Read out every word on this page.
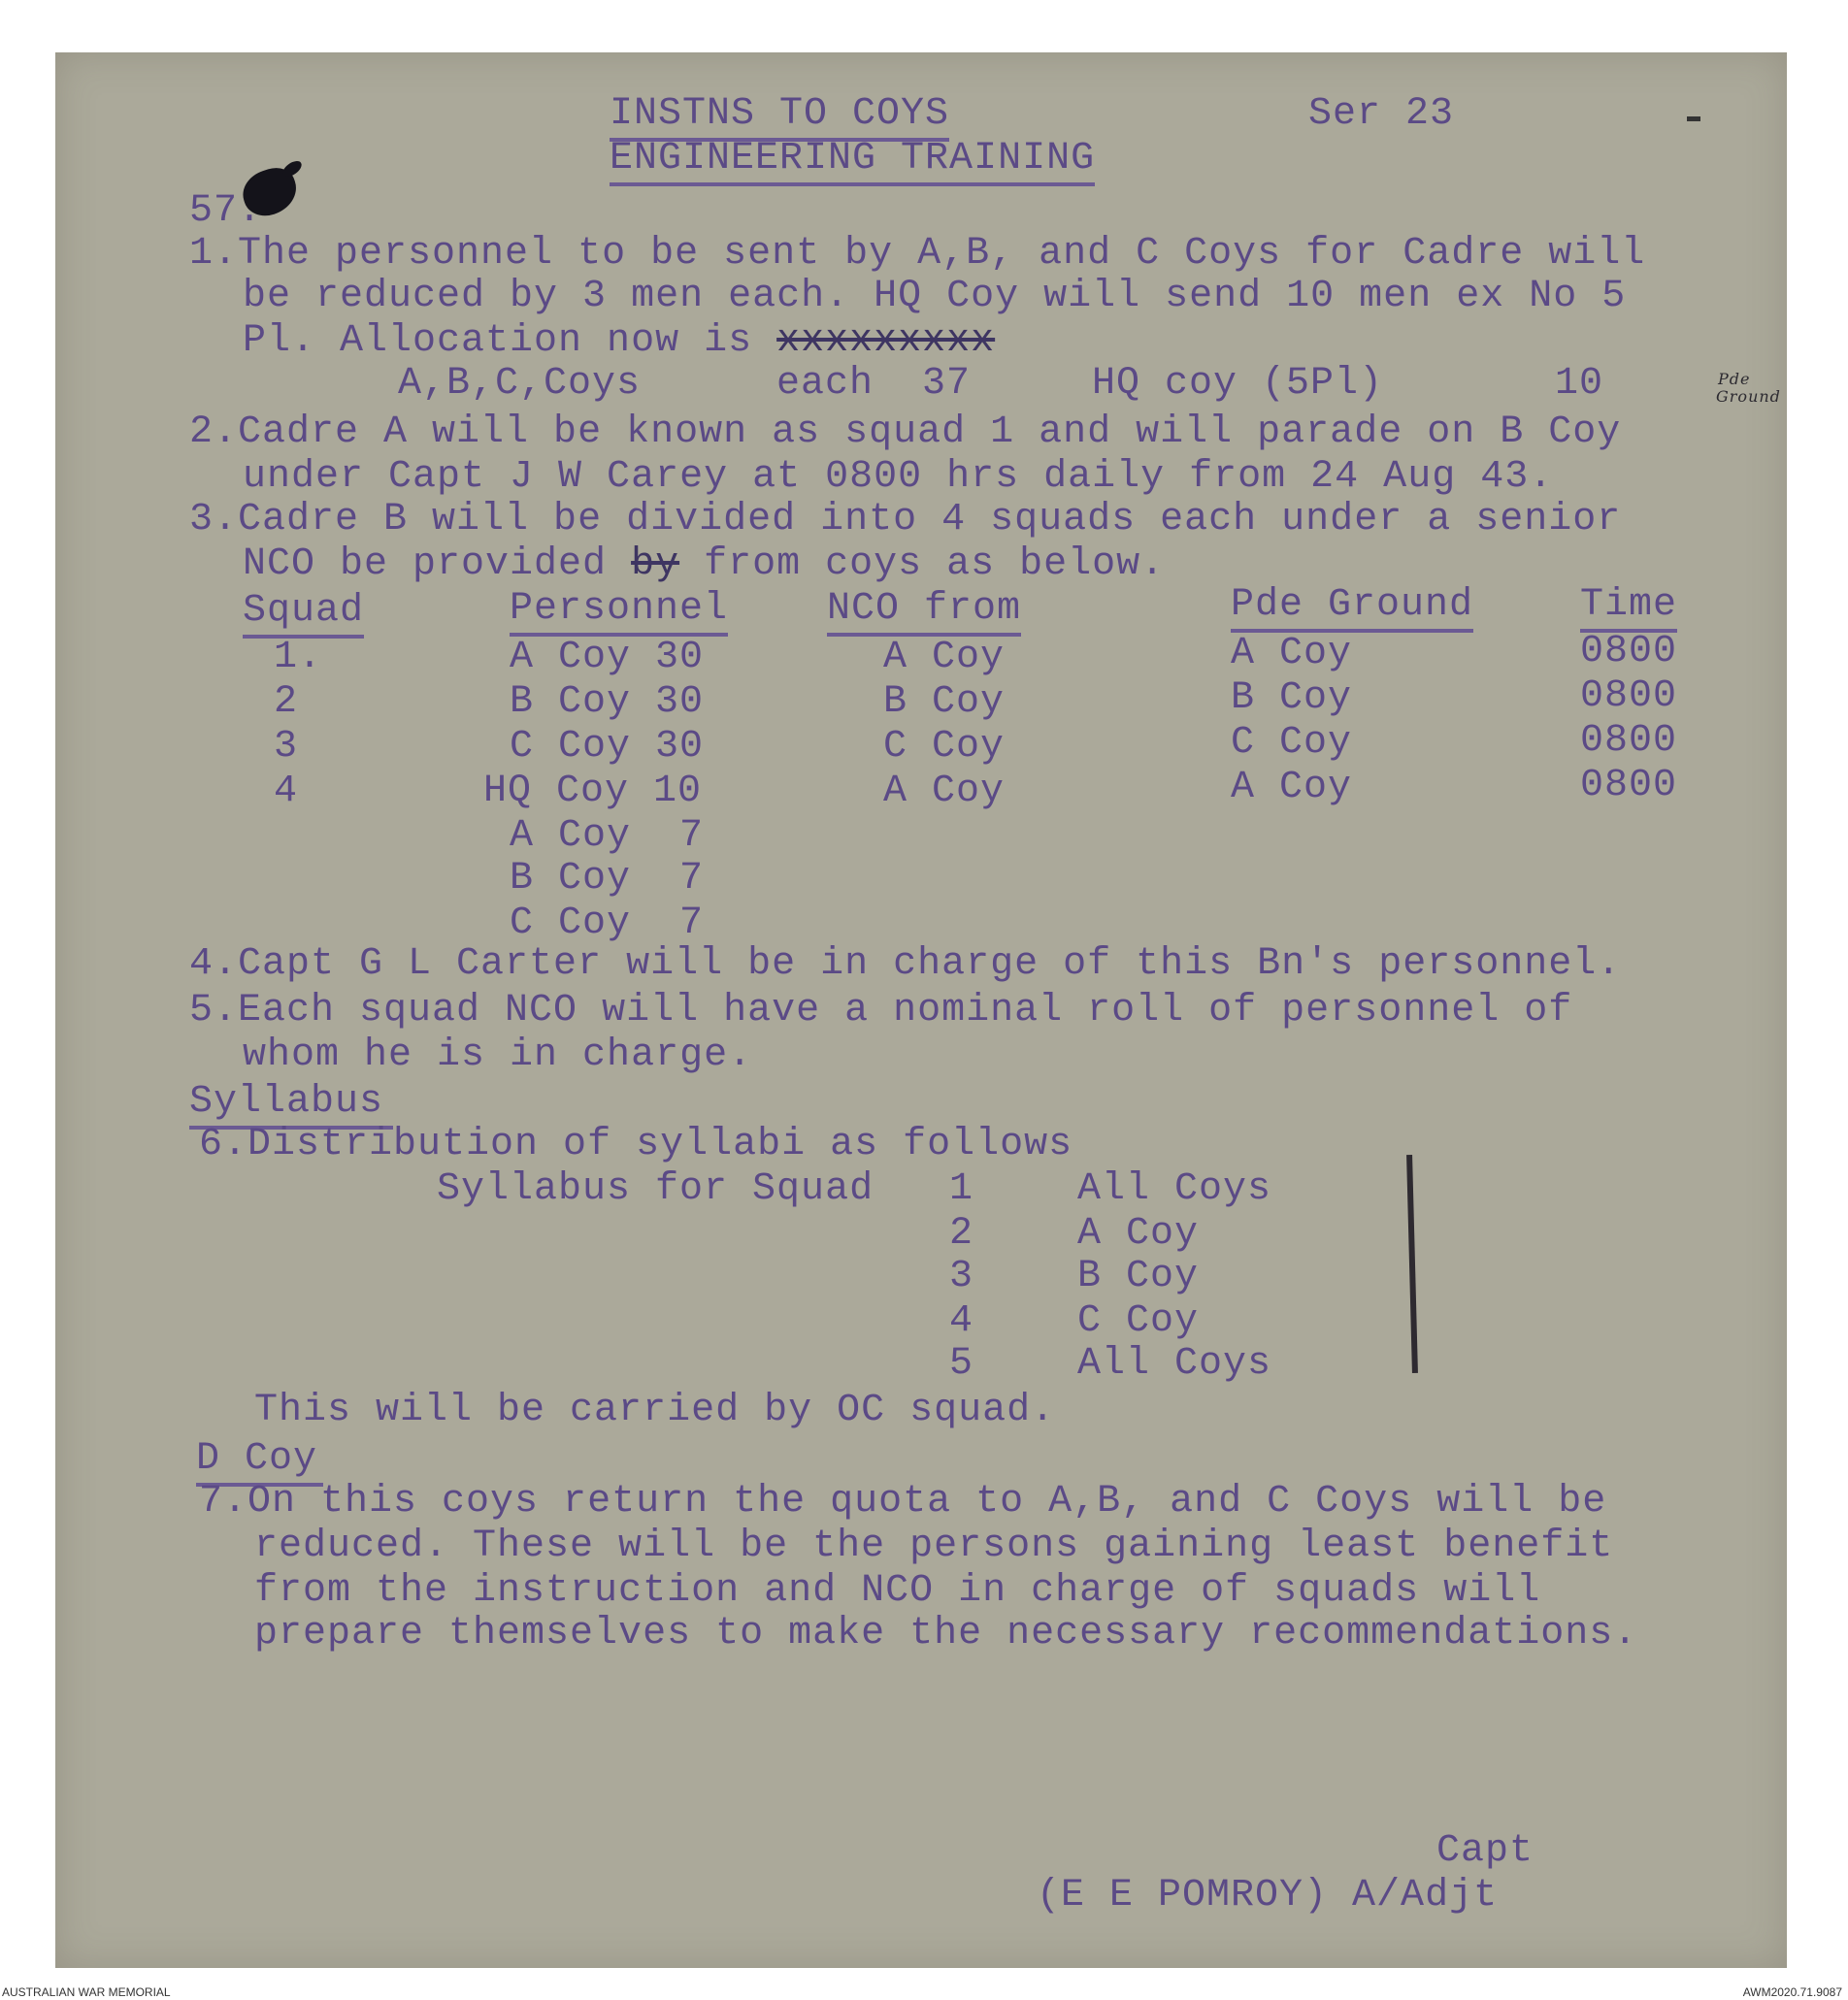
INSTNS TO COYS
ENGINEERING TRAINING
Ser 23
57.
1.The personnel to be sent by A,B, and C Coys for Cadre will
be reduced by 3 men each. HQ Coy will send 10 men ex No 5
Pl. Allocation now is xxxxxxxxx
A,B,C,Coys	each  37	HQ coy (5Pl)	10	Pde
Ground
2.Cadre A will be known as squad 1 and will parade on B Coy
under Capt J W Carey at 0800 hrs daily from 24 Aug 43.
3.Cadre B will be divided into 4 squads each under a senior
NCO be provided by from coys as below.
Squad	Personnel	NCO from	Pde Ground	Time
1.	A Coy 30	A Coy	A Coy	0800
2	B Coy 30	B Coy	B Coy	0800
3	C Coy 30	C Coy	C Coy	0800
4	HQ Coy 10	A Coy	A Coy	0800
A Coy  7
B Coy  7
C Coy  7
4.Capt G L Carter will be in charge of this Bn's personnel.
5.Each squad NCO will have a nominal roll of personnel of
whom he is in charge.
Syllabus
6.Distribution of syllabi as follows
Syllabus for Squad 1	All Coys
2	A Coy
3	B Coy
4	C Coy
5	All Coys
This will be carried by OC squad.
D Coy
7.On this coys return the quota to A,B, and C Coys will be
reduced. These will be the persons gaining least benefit
from the instruction and NCO in charge of squads will
prepare themselves to make the necessary recommendations.
Capt
(E E POMROY) A/Adjt
AUSTRALIAN WAR MEMORIAL	AWM2020.71.9087
